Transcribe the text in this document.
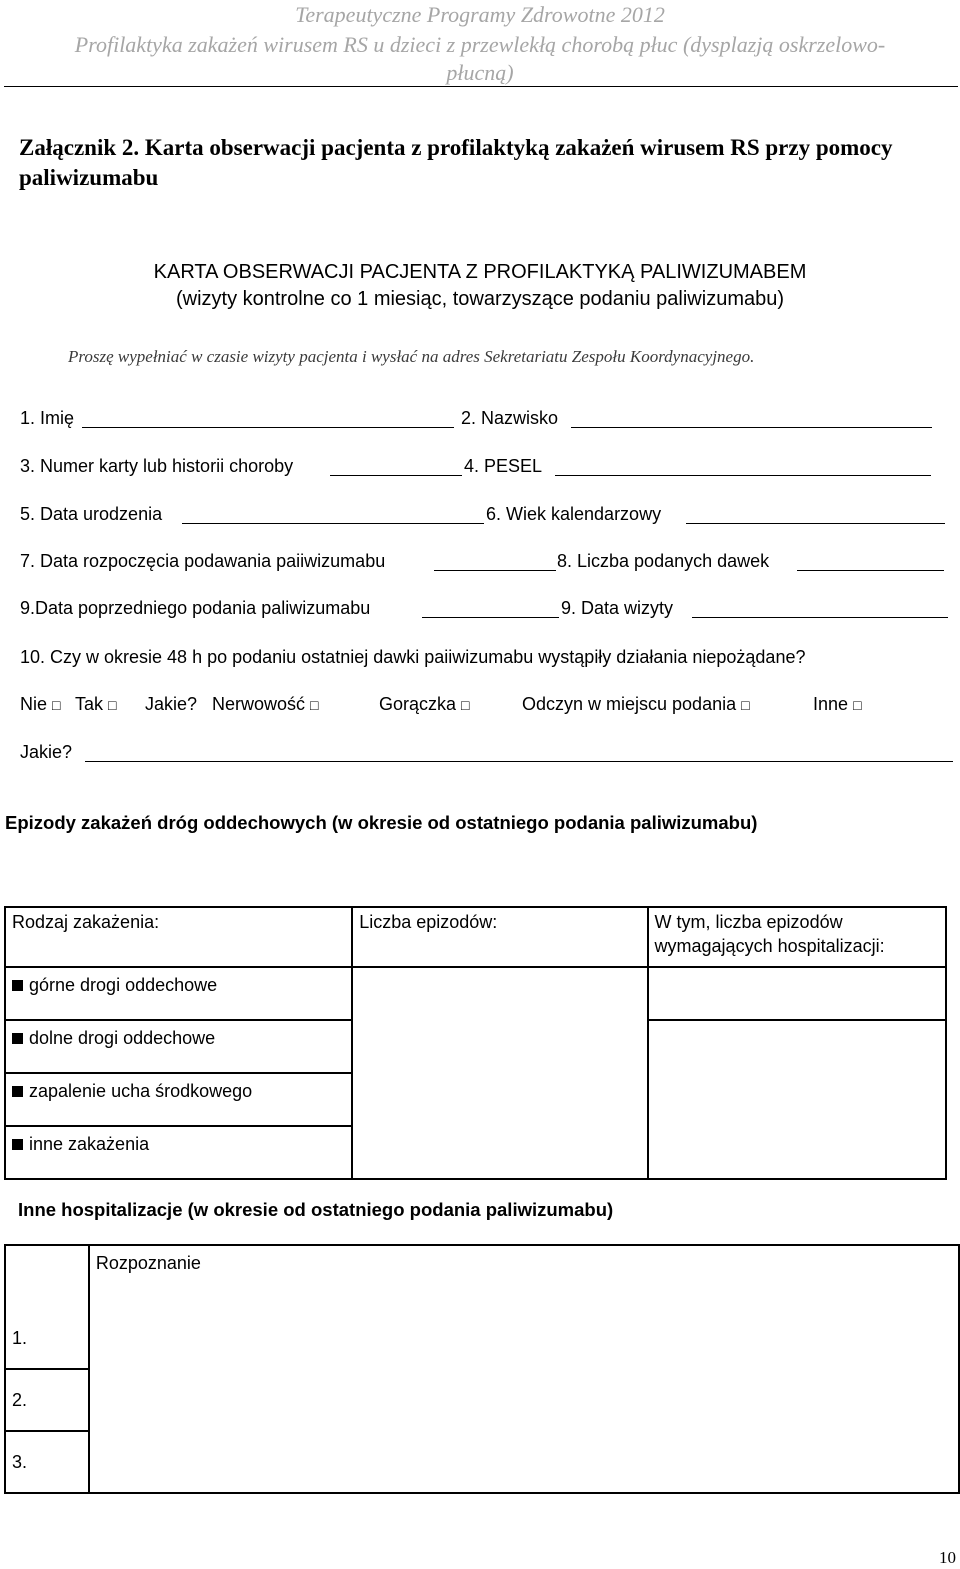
Terapeutyczne Programy Zdrowotne 2012
Profilaktyka zakażeń wirusem RS u dzieci z przewlekłą chorobą płuc (dysplazją oskrzelowo-
płucną)
Załącznik 2. Karta obserwacji pacjenta z profilaktyką zakażeń wirusem RS przy pomocy paliwizumabu
KARTA OBSERWACJI PACJENTA Z PROFILAKTYKĄ PALIWIZUMABEM
(wizyty kontrolne co 1 miesiąc, towarzyszące podaniu paliwizumabu)
Proszę wypełniać w czasie wizyty pacjenta i wysłać na adres Sekretariatu Zespołu Koordynacyjnego.
1. Imię	2. Nazwisko
3. Numer karty lub historii choroby	4. PESEL
5. Data urodzenia	6. Wiek kalendarzowy
7. Data rozpoczęcia podawania paiiwizumabu	8. Liczba podanych dawek
9.Data poprzedniego podania paliwizumabu	9. Data wizyty
10. Czy w okresie 48 h po podaniu ostatniej dawki paiiwizumabu wystąpiły działania niepożądane?
Nie □ Tak □ Jakie? Nerwowość □	Gorączka □	Odczyn w miejscu podania □	Inne □
Jakie?
Epizody zakażeń dróg oddechowych (w okresie od ostatniego podania paliwizumabu)
Rodzaj zakażenia:	Liczba epizodów:	W tym, liczba epizodów wymagających hospitalizacji:

górne drogi oddechowe		

dolne drogi oddechowe		

zapalenie ucha środkowego		

inne zakażenia		
Inne hospitalizacje (w okresie od ostatniego podania paliwizumabu)

	Rozpoznanie

1.	

2.	

3.	

10
